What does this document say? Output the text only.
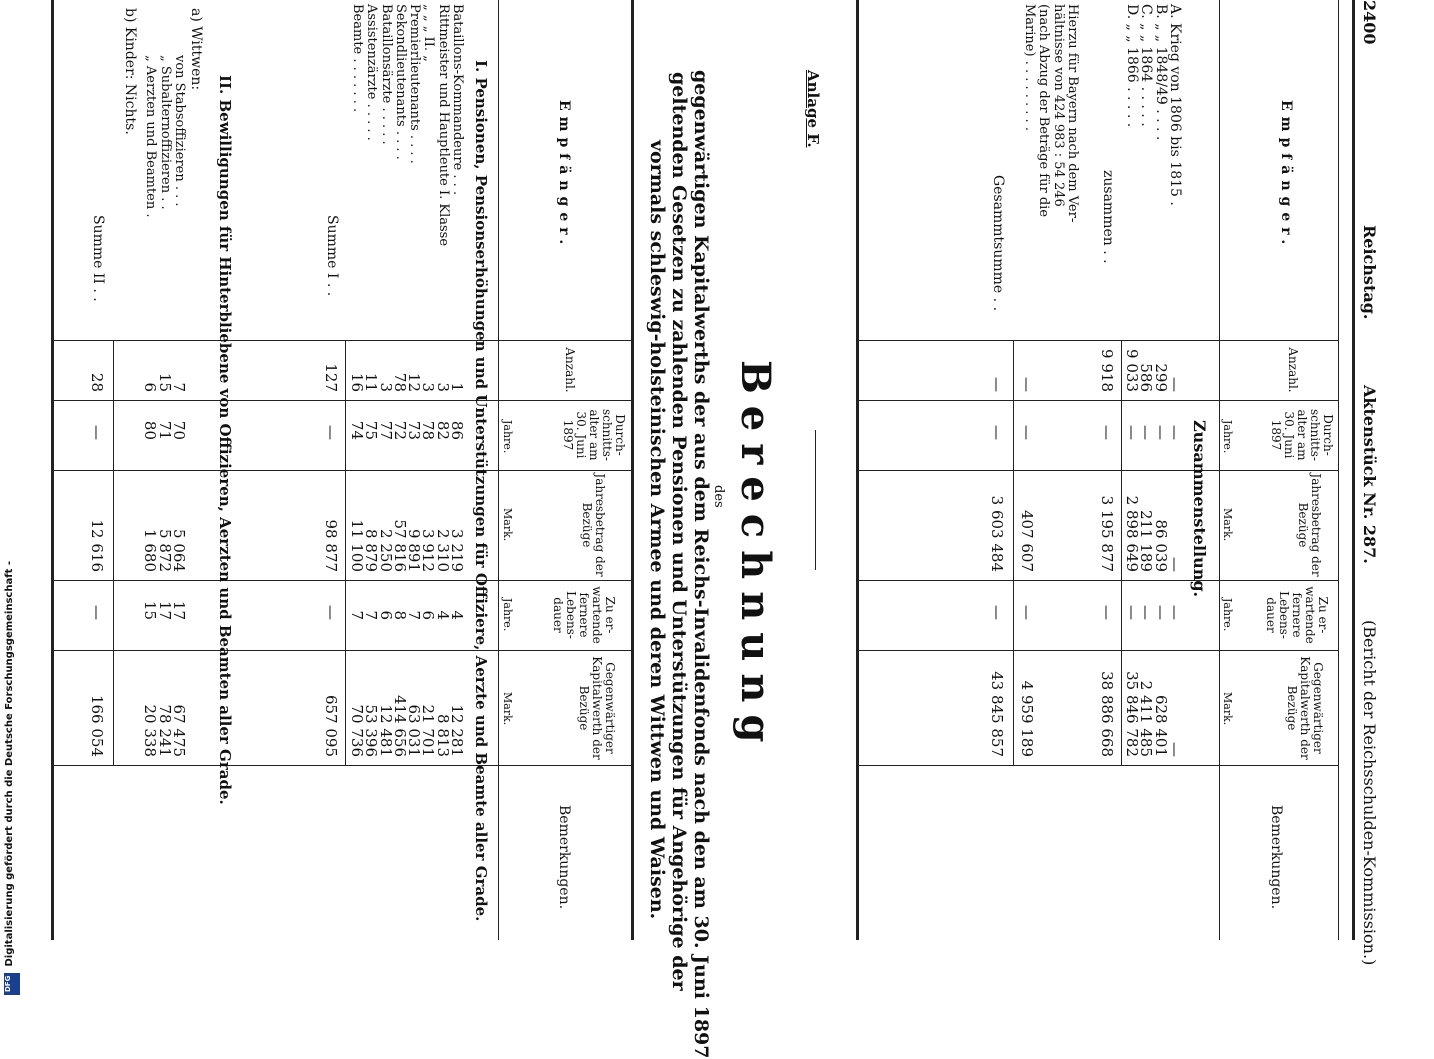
2400
Reichstag.
Aktenstück Nr. 287.
(Bericht der Reichsschulden-Kommission.)
Empfänger.
Anzahl.
Durch-schnitts-alter am 30. Juni 1897
Jahre.
Jahresbetrag der Bezüge
Mark.
Zu er-wartende fernere Lebens-dauer
Jahre.
Gegenwärtiger Kapitalwerth der Bezüge
Mark.
Bemerkungen.
Zusammenstellung.
A. Krieg von 1806 bis 1815 .
B. „ „ 1848/49 . . . .
C. „ „ 1864 . . . . .
D. „ „ 1866 . . . . .
—
299
586
9 033
—
—
—
—
—
86 039
211 189
2 898 649
—
—
—
—
—
628 401
2 411 485
35 846 782
zusammen . .
9 918
—
3 195 877
—
38 886 668
Hierzu für Bayern nach dem Ver-
hältnisse von 424 983 : 54 246
(nach Abzug der Beträge für die
Marine) . . . . . . . . .
—
—
407 607
—
4 959 189
Gesammtsumme . .
—
—
3 603 484
—
43 845 857
Anlage F.
Berechnung
des
gegenwärtigen Kapitalwerths der aus dem Reichs-Invalidenfonds nach den am 30. Juni 1897
geltenden Gesetzen zu zahlenden Pensionen und Unterstützungen für Angehörige der
vormals schleswig-holsteinischen Armee und deren Wittwen und Waisen.
Empfänger.
Anzahl.
Durch-schnitts-alter am 30. Juni 1897
Jahre.
Jahresbetrag der Bezüge
Mark.
Zu er-wartende fernere Lebens-dauer
Jahre.
Gegenwärtiger Kapitalwerth der Bezüge
Mark.
Bemerkungen.
I. Pensionen, Pensionserhöhungen und Unterstützungen für Offiziere, Aerzte und Beamte aller Grade.
Bataillons-Kommandeure . . .
Rittmeister und Hauptleute I. Klasse
„ „ „ II. „
Premierlieutenants . . . .
Sekondlieutenants . . . .
Bataillonsärzte . . . . .
Assistenzärzte . . . . .
Beamte . . . . . . .
1
3
3
12
78
3
11
16
86
82
78
73
72
77
75
74
3 219
2 310
3 912
9 891
57 816
2 250
8 879
11 100
4
4
6
7
8
6
7
7
12 281
8 813
21 701
63 031
414 656
12 481
53 396
70 736
Summe I . .
127
—
98 877
—
657 095
II. Bewilligungen für Hinterbliebene von Offizieren, Aerzten und Beamten aller Grade.
a) Wittwen:
von Stabsoffizieren . . .
„ Subalternoffizieren . .
„ Aerzten und Beamten .
7
15
6
70
71
80
5 064
5 872
1 680
17
17
15
67 475
78 241
20 338
b) Kinder: Nichts.
Summe II . .
28
—
12 616
—
166 054
Digitalisierung gefördert durch die Deutsche Forschungsgemeinschaft -
DFG
